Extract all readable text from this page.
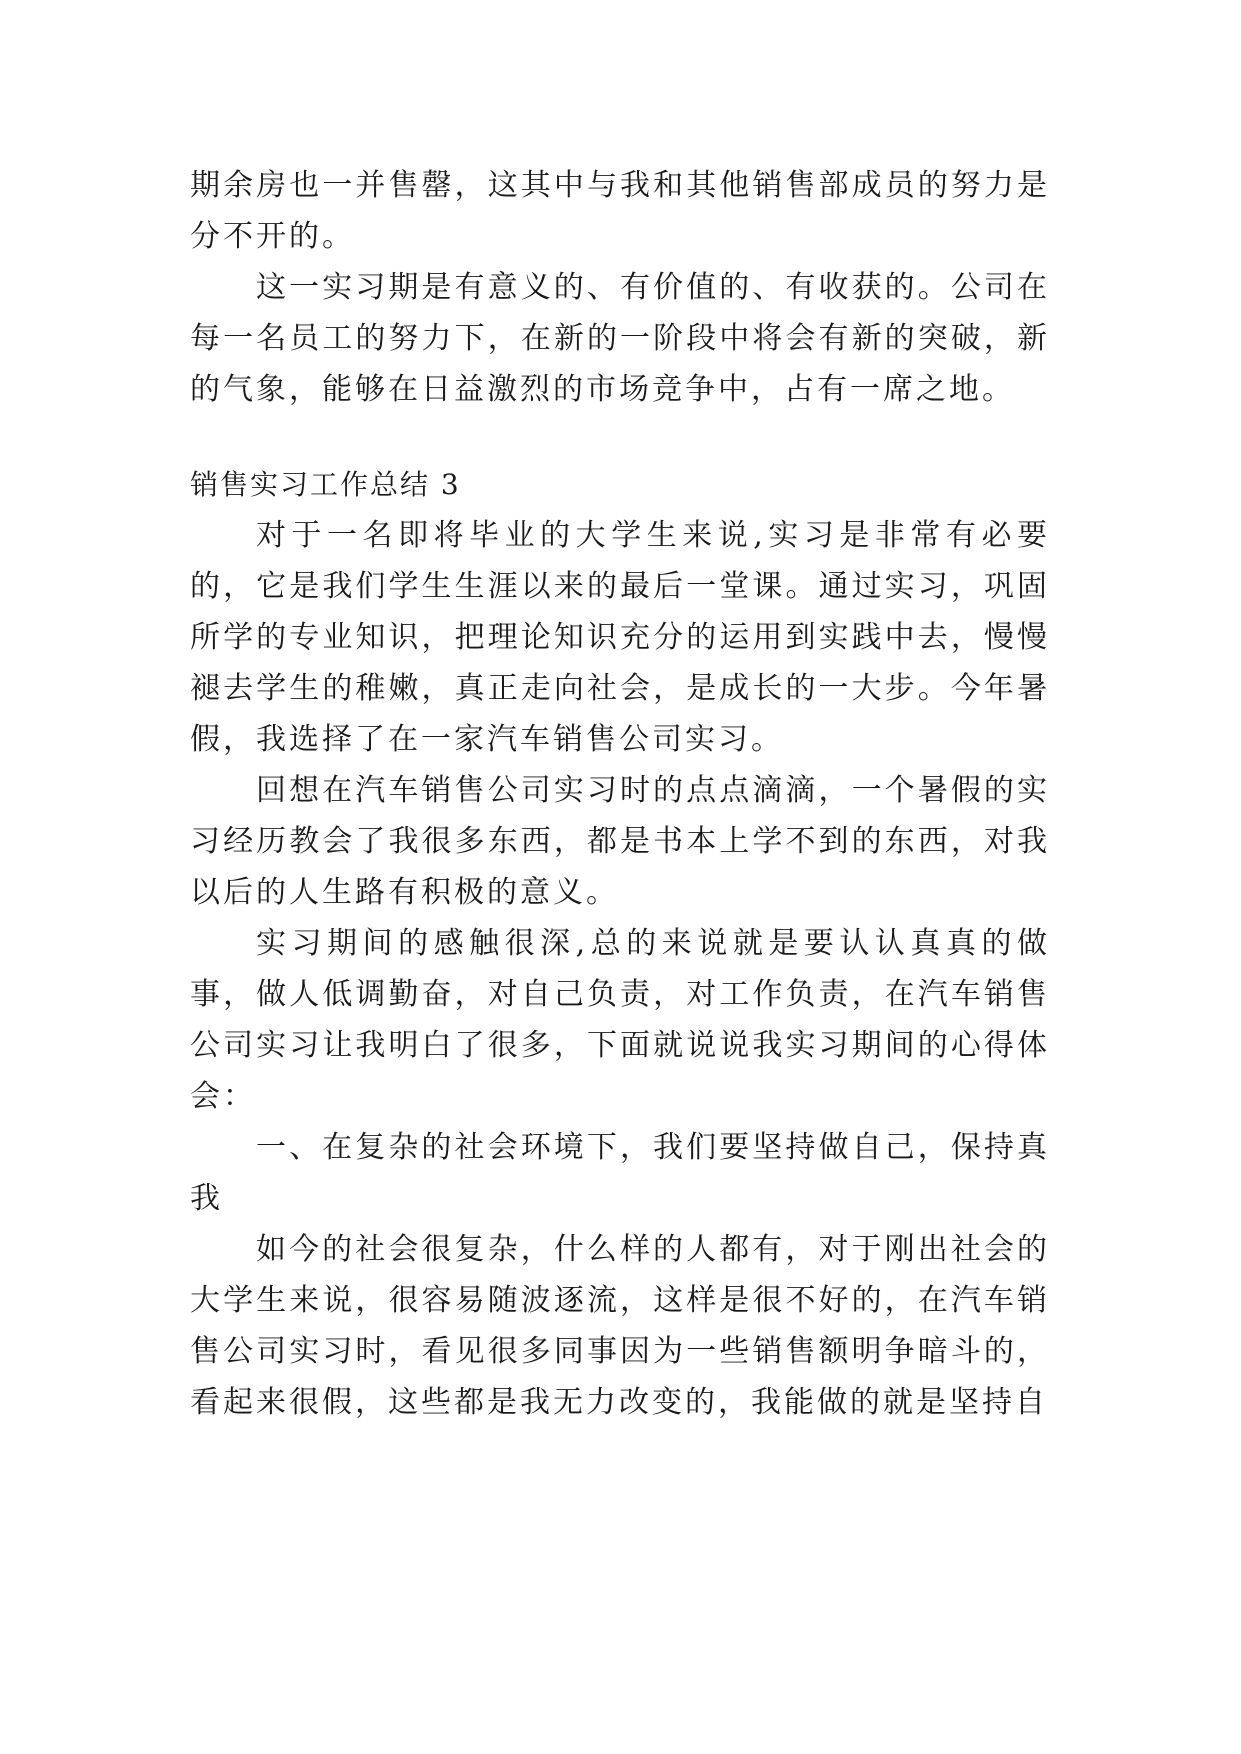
期余房也一并售罄，这其中与我和其他销售部成员的努力是分不开的。

这一实习期是有意义的、有价值的、有收获的。公司在每一名员工的努力下，在新的一阶段中将会有新的突破，新的气象，能够在日益激烈的市场竞争中，占有一席之地。

销售实习工作总结 3

对于一名即将毕业的大学生来说,实习是非常有必要的，它是我们学生生涯以来的最后一堂课。通过实习，巩固所学的专业知识，把理论知识充分的运用到实践中去，慢慢褪去学生的稚嫩，真正走向社会，是成长的一大步。今年暑假，我选择了在一家汽车销售公司实习。

回想在汽车销售公司实习时的点点滴滴，一个暑假的实习经历教会了我很多东西，都是书本上学不到的东西，对我以后的人生路有积极的意义。

实习期间的感触很深,总的来说就是要认认真真的做事，做人低调勤奋，对自己负责，对工作负责，在汽车销售公司实习让我明白了很多，下面就说说我实习期间的心得体会：

一、在复杂的社会环境下，我们要坚持做自己，保持真我

如今的社会很复杂，什么样的人都有，对于刚出社会的大学生来说，很容易随波逐流，这样是很不好的，在汽车销售公司实习时，看见很多同事因为一些销售额明争暗斗的，看起来很假，这些都是我无力改变的，我能做的就是坚持自
